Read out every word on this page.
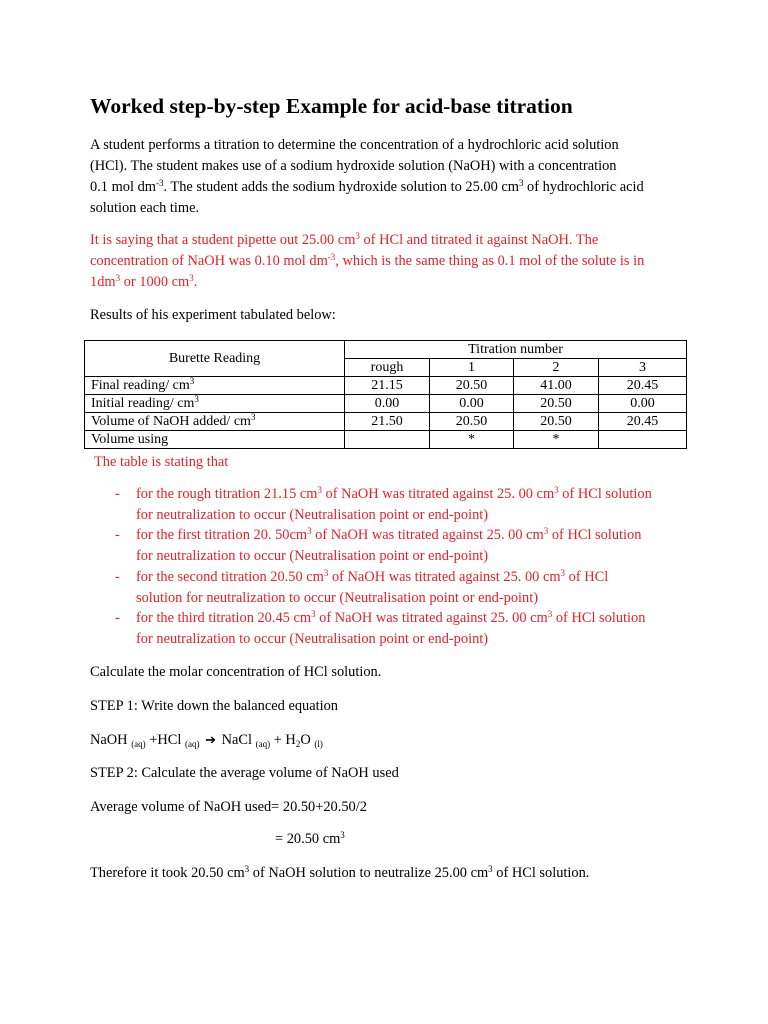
Worked step-by-step Example for acid-base titration
A student performs a titration to determine the concentration of a hydrochloric acid solution
(HCl). The student makes use of a sodium hydroxide solution (NaOH) with a concentration
0.1 mol $dm^{-3}$. The student adds the sodium hydroxide solution to 25.00 $cm^3$ of hydrochloric acid
solution each time.
It is saying that a student pipette out 25.00 $cm^3$ of HCl and titrated it against NaOH. The
concentration of NaOH was 0.10 mol $dm^{-3}$, which is the same thing as 0.1 mol of the solute is in
$1dm^3$ or 1000 $cm^3$.
Results of his experiment tabulated below:
Burette Reading	Titration number			
	rough	1	2	3
Final reading/ $cm^3$	21.15	20.50	41.00	20.45
Initial reading/ $cm^3$	0.00	0.00	20.50	0.00
Volume of NaOH added/ $cm^3$	21.50	20.50	20.50	20.45
Volume using		*	*	
The table is stating that
- for the rough titration 21.15 $cm^3$ of NaOH was titrated against 25. 00 $cm^3$ of HCl solution
for neutralization to occur (Neutralisation point or end-point)
- for the first titration 20. $50cm^3$ of NaOH was titrated against 25. 00 $cm^3$ of HCl solution
for neutralization to occur (Neutralisation point or end-point)
- for the second titration 20.50 $cm^3$ of NaOH was titrated against 25. 00 $cm^3$ of HCl
solution for neutralization to occur (Neutralisation point or end-point)
- for the third titration 20.45 $cm^3$ of NaOH was titrated against 25. 00 $cm^3$ of HCl solution
for neutralization to occur (Neutralisation point or end-point)
Calculate the molar concentration of HCl solution.
STEP 1: Write down the balanced equation
NaOH $_{(aq)}$ +HCl $_{(aq)}$ ➔ NaCl $_{(aq)} + H_2O$ $_{(l)}$
STEP 2: Calculate the average volume of NaOH used
Average volume of NaOH used= 20.50+20.50/2
= 20.50 $cm^3$
Therefore it took 20.50 $cm^3$ of NaOH solution to neutralize 25.00 $cm^3$ of HCl solution.
